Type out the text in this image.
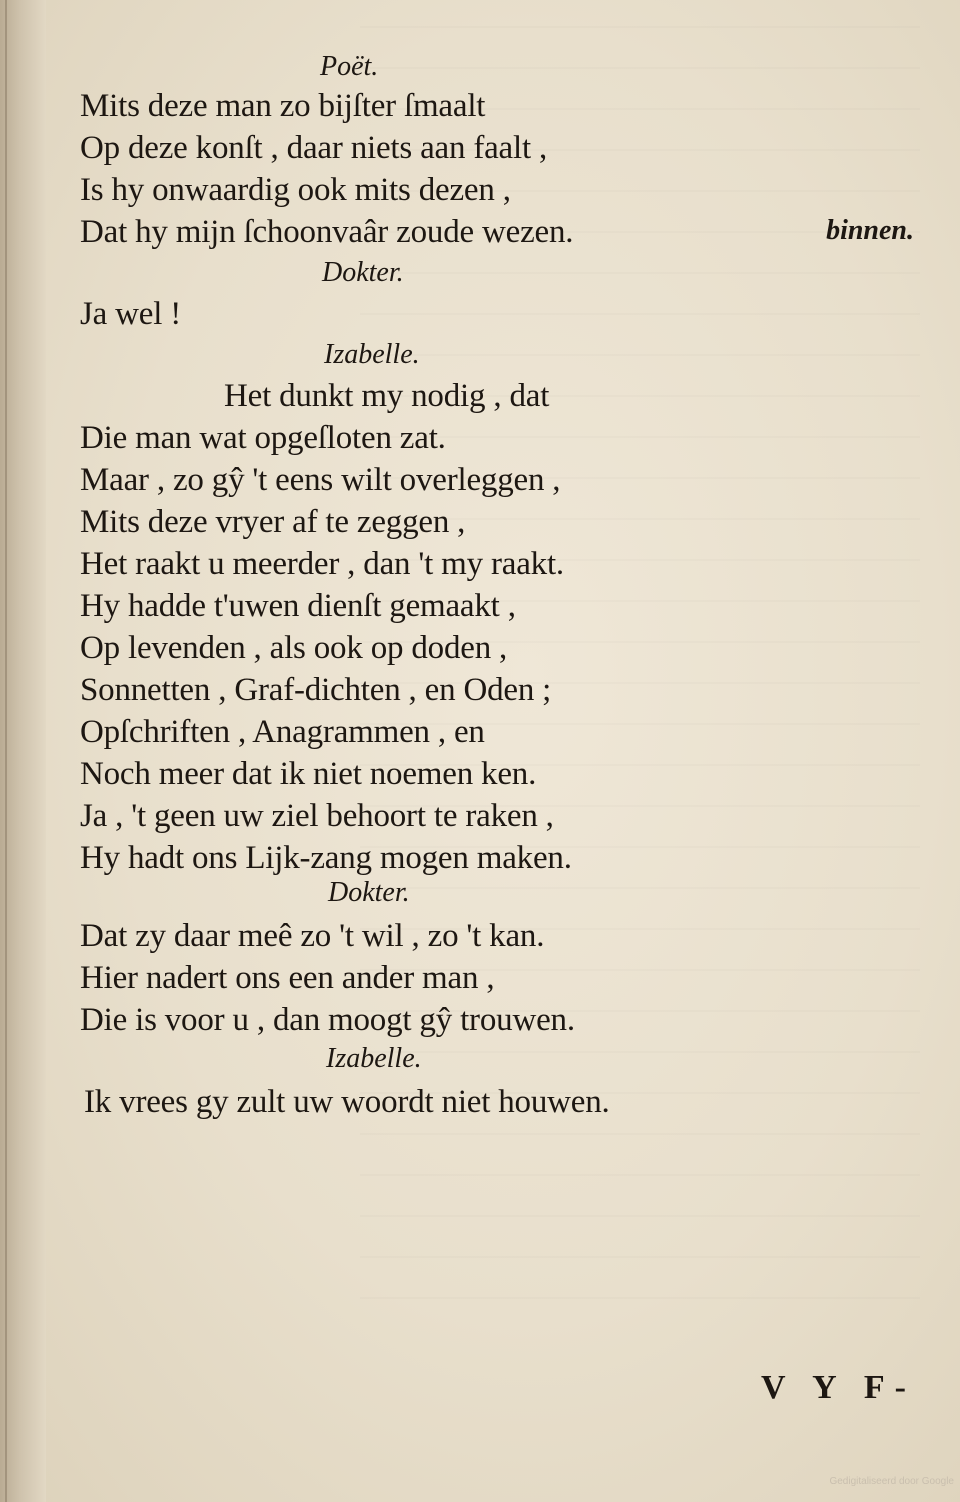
Poët.
Mits deze man zo bijſter ſmaalt
Op deze konſt , daar niets aan faalt ,
Is hy onwaardig ook mits dezen ,
Dat hy mijn ſchoonvaâr zoude wezen.	binnen.
Dokter.
Ja wel !
Izabelle.
Het dunkt my nodig , dat
Die man wat opgeſloten zat.
Maar , zo gŷ 't eens wilt overleggen ,
Mits deze vryer af te zeggen ,
Het raakt u meerder , dan 't my raakt.
Hy hadde t'uwen dienſt gemaakt ,
Op levenden , als ook op doden ,
Sonnetten , Graf-dichten , en Oden ;
Opſchriften , Anagrammen , en
Noch meer dat ik niet noemen ken.
Ja , 't geen uw ziel behoort te raken ,
Hy hadt ons Lijk-zang mogen maken.
Dokter.
Dat zy daar meê zo 't wil , zo 't kan.
Hier nadert ons een ander man ,
Die is voor u , dan moogt gŷ trouwen.
Izabelle.
Ik vrees gy zult uw woordt niet houwen.
V Y F-
Gedigitaliseerd door Google
